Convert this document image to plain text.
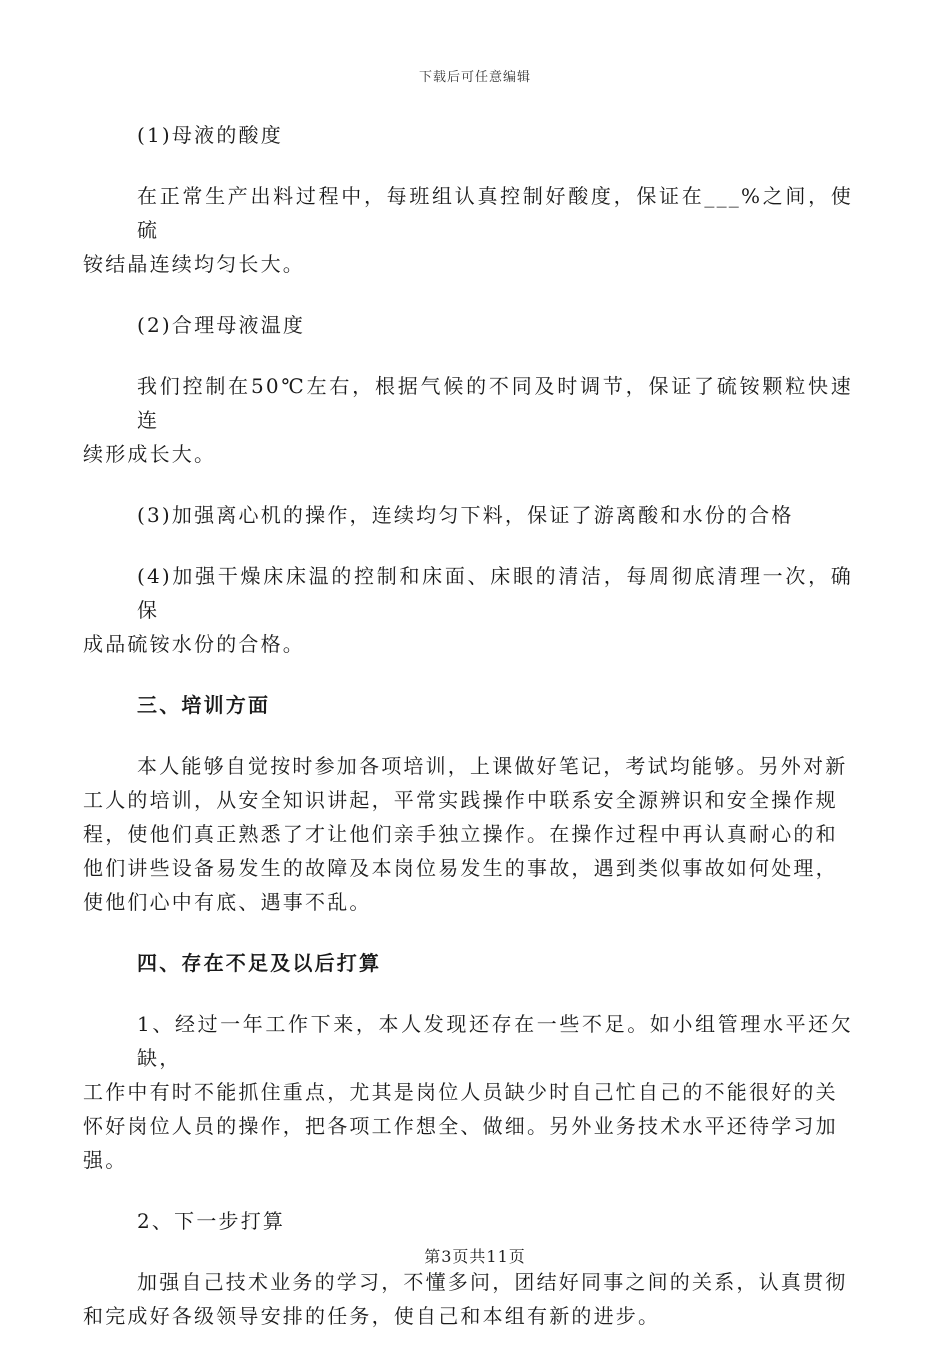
下载后可任意编辑

(1)母液的酸度

在正常生产出料过程中，每班组认真控制好酸度，保证在___%之间，使硫
铵结晶连续均匀长大。

(2)合理母液温度

我们控制在50℃左右，根据气候的不同及时调节，保证了硫铵颗粒快速连
续形成长大。

(3)加强离心机的操作，连续均匀下料，保证了游离酸和水份的合格

(4)加强干燥床床温的控制和床面、床眼的清洁，每周彻底清理一次，确保
成品硫铵水份的合格。

三、培训方面

本人能够自觉按时参加各项培训，上课做好笔记，考试均能够。另外对新
工人的培训，从安全知识讲起，平常实践操作中联系安全源辨识和安全操作规
程，使他们真正熟悉了才让他们亲手独立操作。在操作过程中再认真耐心的和
他们讲些设备易发生的故障及本岗位易发生的事故，遇到类似事故如何处理，
使他们心中有底、遇事不乱。

四、存在不足及以后打算

1、经过一年工作下来，本人发现还存在一些不足。如小组管理水平还欠缺，
工作中有时不能抓住重点，尤其是岗位人员缺少时自己忙自己的不能很好的关
怀好岗位人员的操作，把各项工作想全、做细。另外业务技术水平还待学习加
强。

2、下一步打算

加强自己技术业务的学习，不懂多问，团结好同事之间的关系，认真贯彻
和完成好各级领导安排的任务，使自己和本组有新的进步。

第3页共11页
